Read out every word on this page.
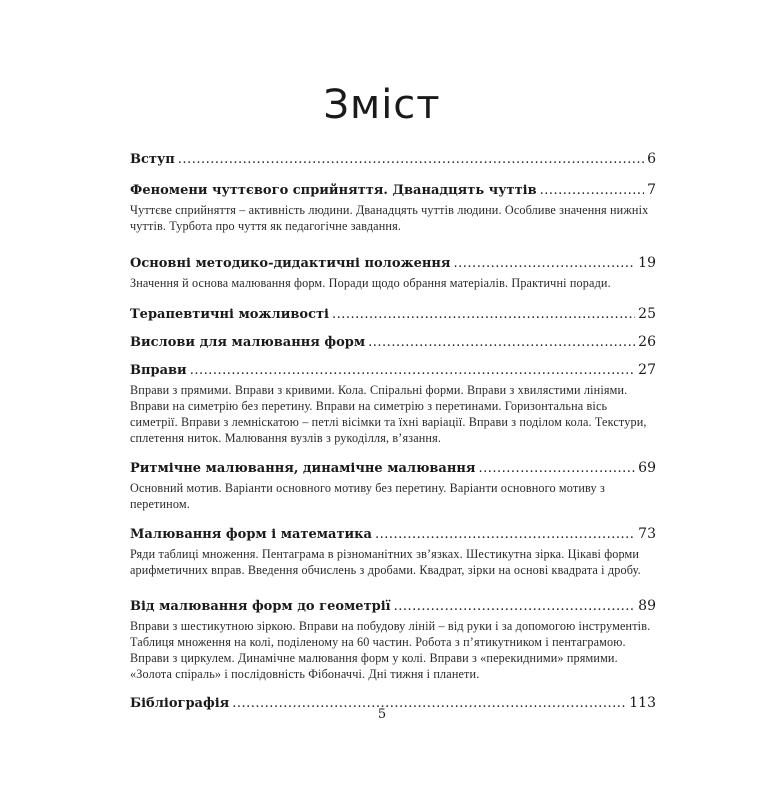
Зміст
Вступ .....	6
Феномени чуттєвого сприйняття. Дванадцять чуттів .....	7
Чуттєве сприйняття – активність людини. Дванадцять чуттів людини. Особливе значення нижніх чуттів. Турбота про чуття як педагогічне завдання.
Основні методико-дидактичні положення .....	19
Значення й основа малювання форм. Поради щодо обрання матеріалів. Практичні поради.
Терапевтичні можливості .....	25
Вислови для малювання форм .....	26
Вправи .....	27
Вправи з прямими. Вправи з кривими. Кола. Спіральні форми. Вправи з хвилястими лініями. Вправи на симетрію без перетину. Вправи на симетрію з перетинами. Горизонтальна вісь симетрії. Вправи з лемніскатою – петлі вісімки та їхні варіації. Вправи з поділом кола. Текстури, сплетення ниток. Малювання вузлів з рукоділля, в’язання.
Ритмічне малювання, динамічне малювання .....	69
Основний мотив. Варіанти основного мотиву без перетину. Варіанти основного мотиву з перетином.
Малювання форм і математика .....	73
Ряди таблиці множення. Пентаграма в різноманітних зв’язках. Шестикутна зірка. Цікаві форми арифметичних вправ. Введення обчислень з дробами. Квадрат, зірки на основі квадрата і дробу.
Від малювання форм до геометрії .....	89
Вправи з шестикутною зіркою. Вправи на побудову ліній – від руки і за допомогою інструментів. Таблиця множення на колі, поділеному на 60 частин. Робота з п’ятикутником і пентаграмою. Вправи з циркулем. Динамічне малювання форм у колі. Вправи з «перекидними» прямими. «Золота спіраль» і послідовність Фібоначчі. Дні тижня і планети.
Бібліографія .....	113
5
